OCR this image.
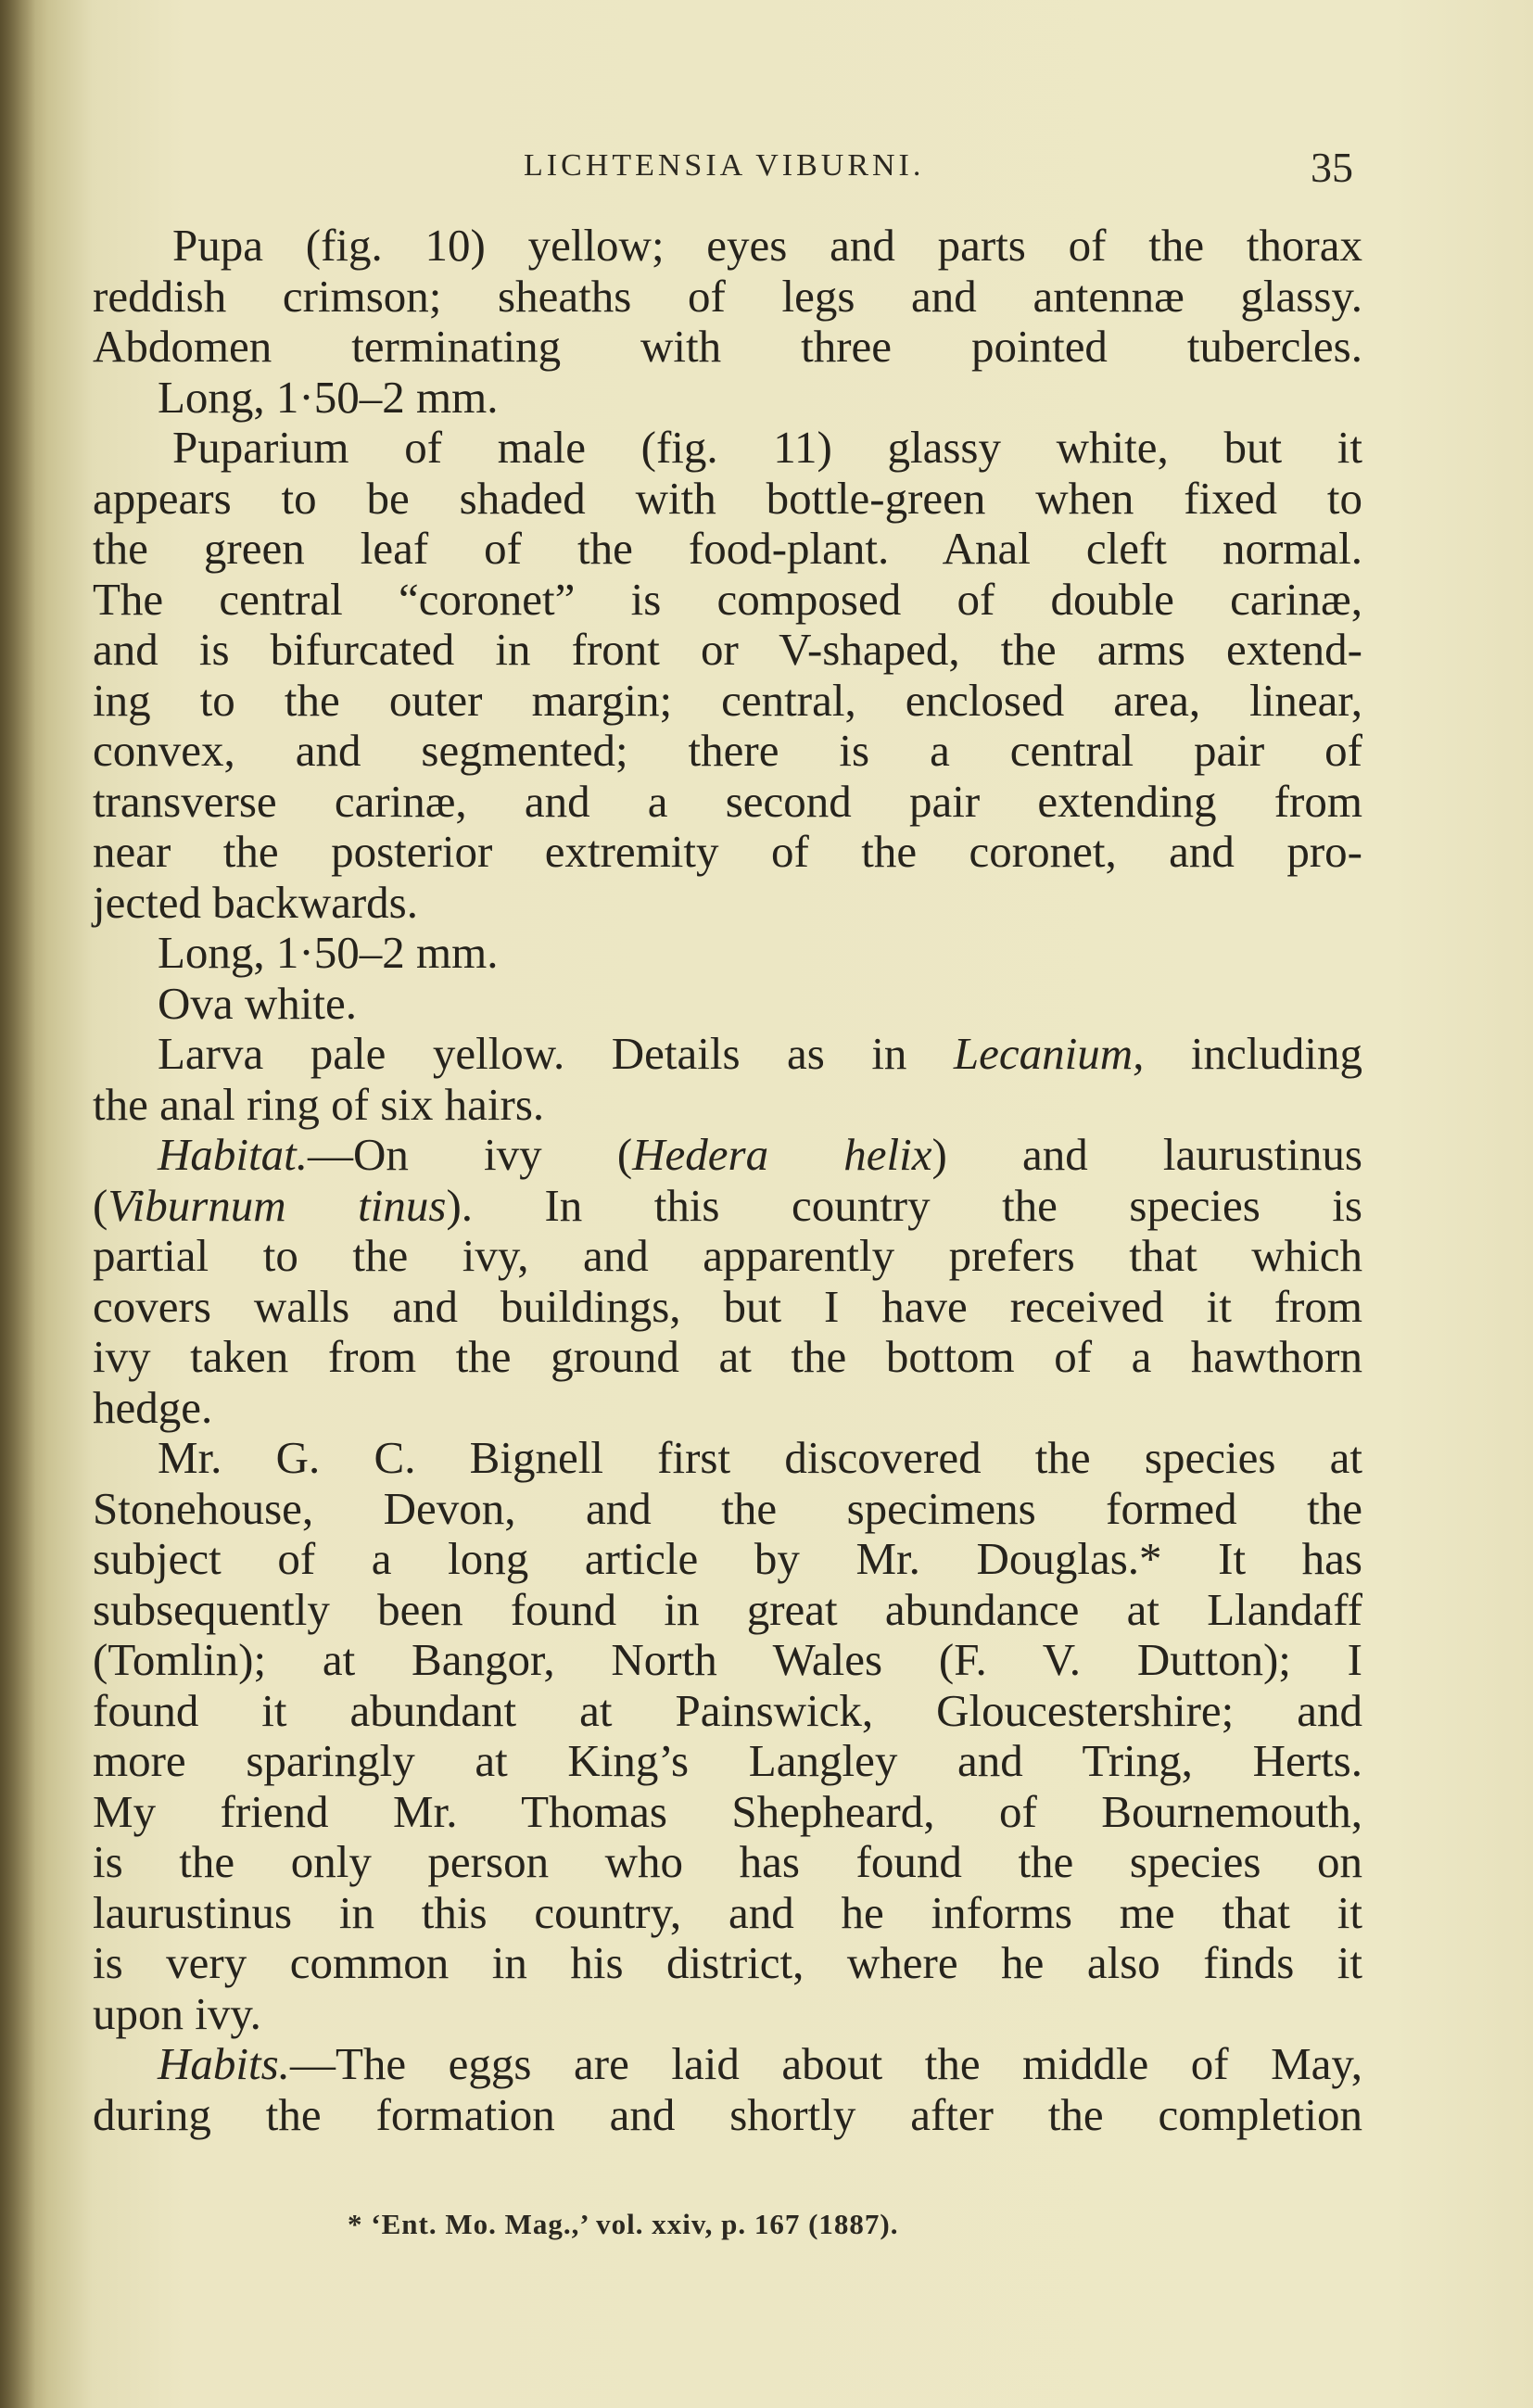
LICHTENSIA VIBURNI.	35
Pupa (fig. 10) yellow; eyes and parts of the thorax
reddish crimson; sheaths of legs and antennæ glassy.
Abdomen terminating with three pointed tubercles.
Long, 1·50–2 mm.
Puparium of male (fig. 11) glassy white, but it
appears to be shaded with bottle-green when fixed to
the green leaf of the food-plant. Anal cleft normal.
The central “coronet” is composed of double carinæ,
and is bifurcated in front or V-shaped, the arms extend-
ing to the outer margin; central, enclosed area, linear,
convex, and segmented; there is a central pair of
transverse carinæ, and a second pair extending from
near the posterior extremity of the coronet, and pro-
jected backwards.
Long, 1·50–2 mm.
Ova white.
Larva pale yellow. Details as in Lecanium, including
the anal ring of six hairs.
Habitat.—On ivy (Hedera helix) and laurustinus
(Viburnum tinus). In this country the species is
partial to the ivy, and apparently prefers that which
covers walls and buildings, but I have received it from
ivy taken from the ground at the bottom of a hawthorn
hedge.
Mr. G. C. Bignell first discovered the species at
Stonehouse, Devon, and the specimens formed the
subject of a long article by Mr. Douglas.* It has
subsequently been found in great abundance at Llandaff
(Tomlin); at Bangor, North Wales (F. V. Dutton); I
found it abundant at Painswick, Gloucestershire; and
more sparingly at King’s Langley and Tring, Herts.
My friend Mr. Thomas Shepheard, of Bournemouth,
is the only person who has found the species on
laurustinus in this country, and he informs me that it
is very common in his district, where he also finds it
upon ivy.
Habits.—The eggs are laid about the middle of May,
during the formation and shortly after the completion
* ‘Ent. Mo. Mag.,’ vol. xxiv, p. 167 (1887).
